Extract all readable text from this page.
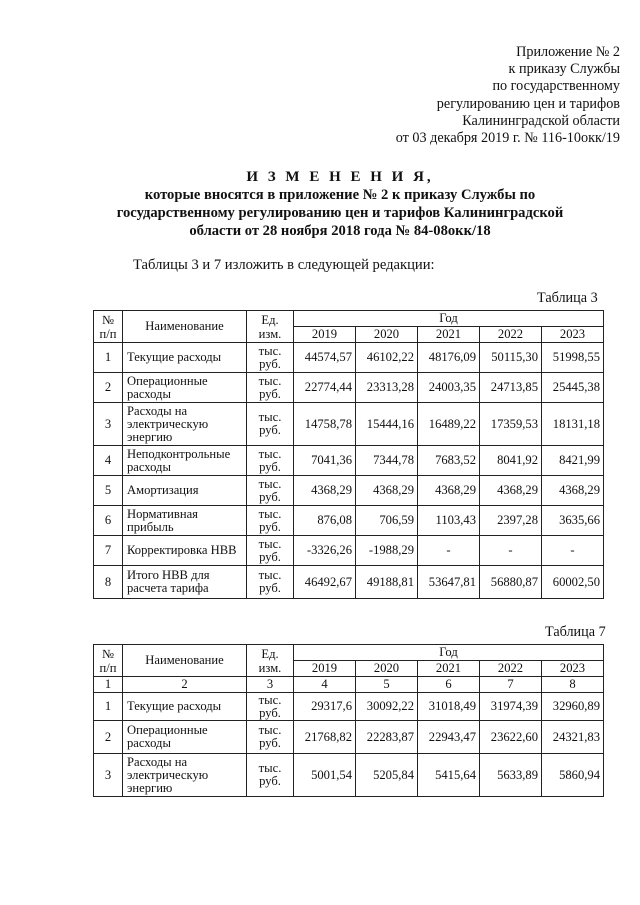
Приложение № 2
к приказу Службы
по государственному
регулированию цен и тарифов
Калининградской области
от 03 декабря 2019 г. № 116-10окк/19
И З М Е Н Е Н И Я,
которые вносятся в приложение № 2 к приказу Службы по
государственному регулированию цен и тарифов Калининградской
области от 28 ноября 2018 года № 84-08окк/18
Таблицы 3 и 7 изложить в следующей редакции:
Таблица 3
№ п/п	Наименование	Ед. изм.	Год				
			2019	2020	2021	2022	2023
1	Текущие расходы	тыс. руб.	44574,57	46102,22	48176,09	50115,30	51998,55
2	Операционные расходы	тыс. руб.	22774,44	23313,28	24003,35	24713,85	25445,38
3	Расходы на электрическую энергию	тыс. руб.	14758,78	15444,16	16489,22	17359,53	18131,18
4	Неподконтрольные расходы	тыс. руб.	7041,36	7344,78	7683,52	8041,92	8421,99
5	Амортизация	тыс. руб.	4368,29	4368,29	4368,29	4368,29	4368,29
6	Нормативная прибыль	тыс. руб.	876,08	706,59	1103,43	2397,28	3635,66
7	Корректировка НВВ	тыс. руб.	-3326,26	-1988,29	-	-	-
8	Итого НВВ для расчета тарифа	тыс. руб.	46492,67	49188,81	53647,81	56880,87	60002,50
Таблица 7
№ п/п	Наименование	Ед. изм.	Год				
			2019	2020	2021	2022	2023
1	2	3	4	5	6	7	8
1	Текущие расходы	тыс. руб.	29317,6	30092,22	31018,49	31974,39	32960,89
2	Операционные расходы	тыс. руб.	21768,82	22283,87	22943,47	23622,60	24321,83
3	Расходы на электрическую энергию	тыс. руб.	5001,54	5205,84	5415,64	5633,89	5860,94
